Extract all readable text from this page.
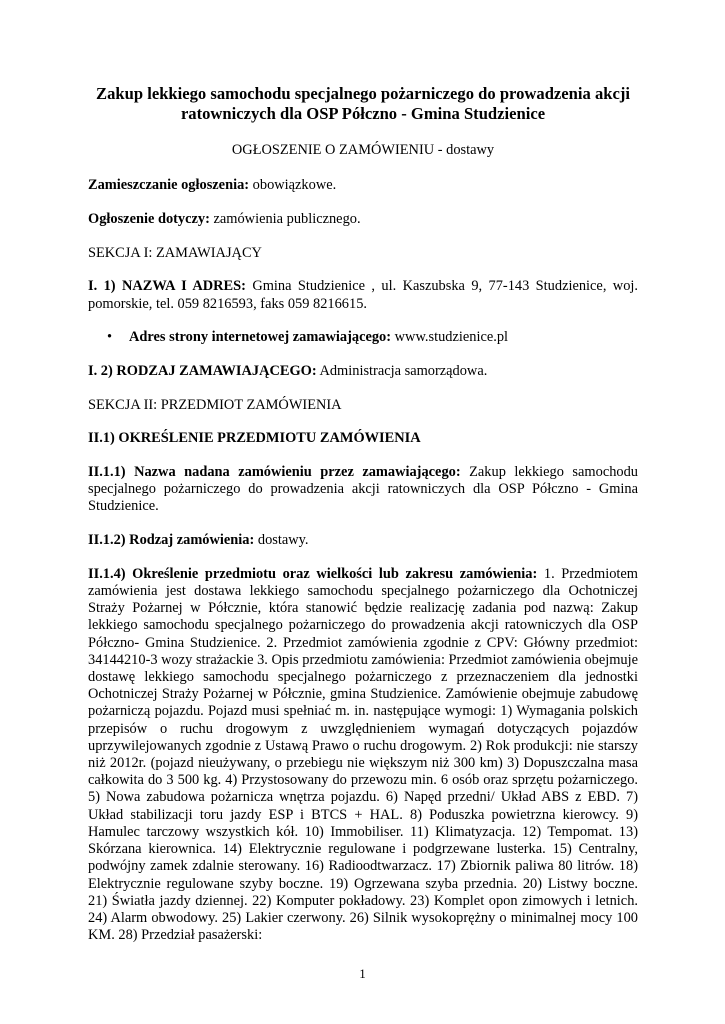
Zakup lekkiego samochodu specjalnego pożarniczego do prowadzenia akcji ratowniczych dla OSP Półczno - Gmina Studzienice
OGŁOSZENIE O ZAMÓWIENIU - dostawy

Zamieszczanie ogłoszenia: obowiązkowe.

Ogłoszenie dotyczy: zamówienia publicznego.

SEKCJA I: ZAMAWIAJĄCY

I. 1) NAZWA I ADRES: Gmina Studzienice , ul. Kaszubska 9, 77-143 Studzienice, woj. pomorskie, tel. 059 8216593, faks 059 8216615.

• Adres strony internetowej zamawiającego: www.studzienice.pl

I. 2) RODZAJ ZAMAWIAJĄCEGO: Administracja samorządowa.

SEKCJA II: PRZEDMIOT ZAMÓWIENIA

II.1) OKREŚLENIE PRZEDMIOTU ZAMÓWIENIA

II.1.1) Nazwa nadana zamówieniu przez zamawiającego: Zakup lekkiego samochodu specjalnego pożarniczego do prowadzenia akcji ratowniczych dla OSP Półczno - Gmina Studzienice.

II.1.2) Rodzaj zamówienia: dostawy.

II.1.4) Określenie przedmiotu oraz wielkości lub zakresu zamówienia: 1. Przedmiotem zamówienia jest dostawa lekkiego samochodu specjalnego pożarniczego dla Ochotniczej Straży Pożarnej w Półcznie, która stanowić będzie realizację zadania pod nazwą: Zakup lekkiego samochodu specjalnego pożarniczego do prowadzenia akcji ratowniczych dla OSP Półczno- Gmina Studzienice. 2. Przedmiot zamówienia zgodnie z CPV: Główny przedmiot: 34144210-3 wozy strażackie 3. Opis przedmiotu zamówienia: Przedmiot zamówienia obejmuje dostawę lekkiego samochodu specjalnego pożarniczego z przeznaczeniem dla jednostki Ochotniczej Straży Pożarnej w Półcznie, gmina Studzienice. Zamówienie obejmuje zabudowę pożarniczą pojazdu. Pojazd musi spełniać m. in. następujące wymogi: 1) Wymagania polskich przepisów o ruchu drogowym z uwzględnieniem wymagań dotyczących pojazdów uprzywilejowanych zgodnie z Ustawą Prawo o ruchu drogowym. 2) Rok produkcji: nie starszy niż 2012r. (pojazd nieużywany, o przebiegu nie większym niż 300 km) 3) Dopuszczalna masa całkowita do 3 500 kg. 4) Przystosowany do przewozu min. 6 osób oraz sprzętu pożarniczego. 5) Nowa zabudowa pożarnicza wnętrza pojazdu. 6) Napęd przedni/ Układ ABS z EBD. 7) Układ stabilizacji toru jazdy ESP i BTCS + HAL. 8) Poduszka powietrzna kierowcy. 9) Hamulec tarczowy wszystkich kół. 10) Immobiliser. 11) Klimatyzacja. 12) Tempomat. 13) Skórzana kierownica. 14) Elektrycznie regulowane i podgrzewane lusterka. 15) Centralny, podwójny zamek zdalnie sterowany. 16) Radioodtwarzacz. 17) Zbiornik paliwa 80 litrów. 18) Elektrycznie regulowane szyby boczne. 19) Ogrzewana szyba przednia. 20) Listwy boczne. 21) Światła jazdy dziennej. 22) Komputer pokładowy. 23) Komplet opon zimowych i letnich. 24) Alarm obwodowy. 25) Lakier czerwony. 26) Silnik wysokoprężny o minimalnej mocy 100 KM. 28) Przedział pasażerski:

1
